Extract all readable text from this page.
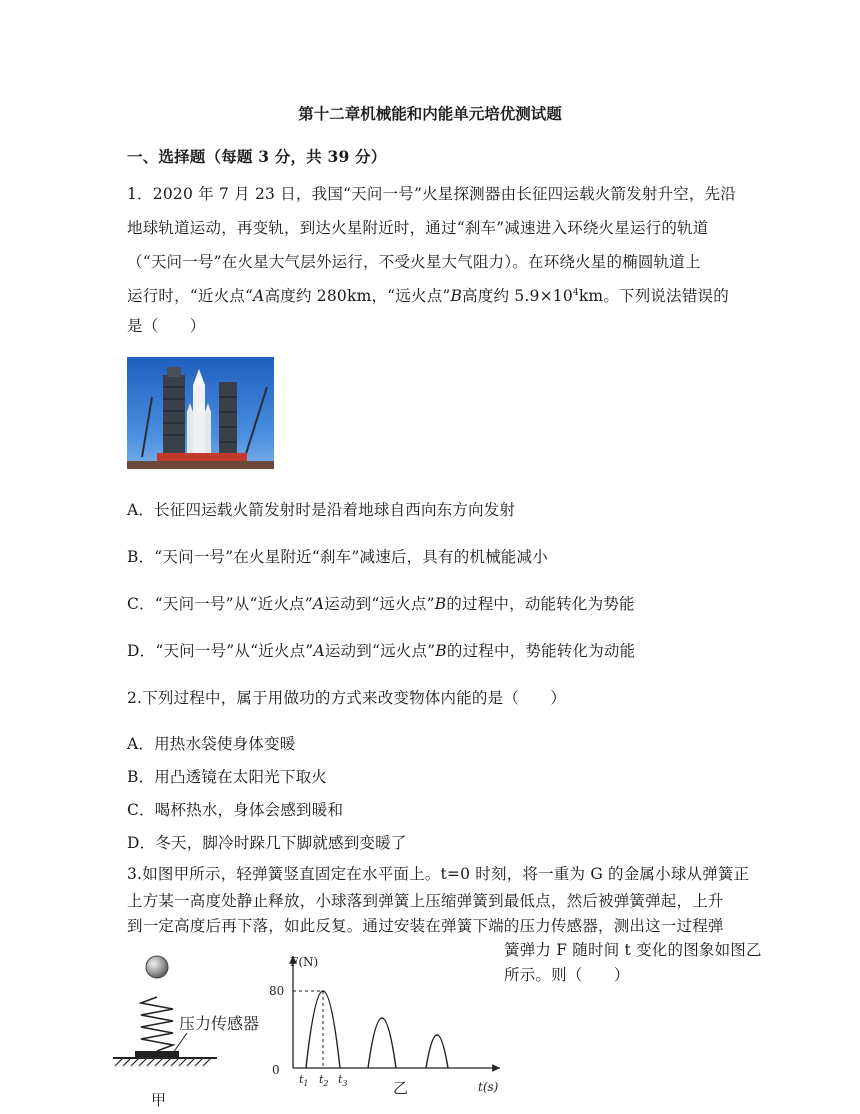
第十二章机械能和内能单元培优测试题
一、选择题（每题 3 分，共 39 分）
1．2020 年 7 月 23 日，我国“天问一号”火星探测器由长征四运载火箭发射升空，先沿
地球轨道运动，再变轨，到达火星附近时，通过“刹车”减速进入环绕火星运行的轨道
（“天问一号”在火星大气层外运行，不受火星大气阻力）。在环绕火星的椭圆轨道上
运行时，“近火点“A高度约 280km，“远火点”B高度约 $5.9\times 10^4km$。下列说法错误的
是（　　）
A．长征四运载火箭发射时是沿着地球自西向东方向发射
B．“天问一号”在火星附近“刹车”减速后，具有的机械能减小
C．“天问一号”从“近火点”A运动到“远火点”B的过程中，动能转化为势能
D．“天问一号”从“近火点”A运动到“远火点”B的过程中，势能转化为动能
2.下列过程中，属于用做功的方式来改变物体内能的是（　　）
A．用热水袋使身体变暖
B．用凸透镜在太阳光下取火
C．喝杯热水，身体会感到暖和
D．冬天，脚冷时跺几下脚就感到变暖了
3.如图甲所示，轻弹簧竖直固定在水平面上。t=0 时刻，将一重为 G 的金属小球从弹簧正
上方某一高度处静止释放，小球落到弹簧上压缩弹簧到最低点，然后被弹簧弹起，上升
到一定高度后再下落，如此反复。通过安装在弹簧下端的压力传感器，测出这一过程弹
簧弹力 F 随时间 t 变化的图象如图乙
所示。则（　　）
压力传感器
甲
F(N)
t(s)
0
80
$t_1$ $t_2$ $t_3$	乙
